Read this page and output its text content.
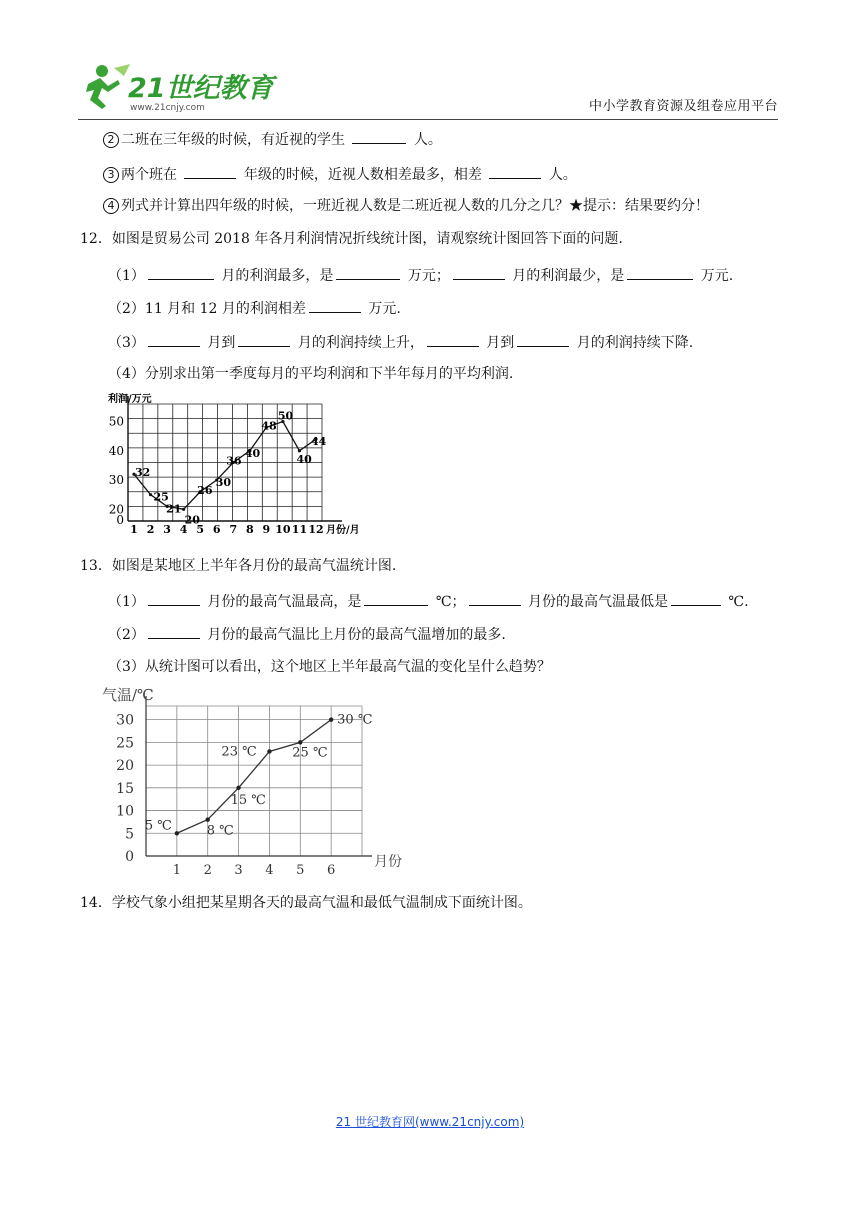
21世纪教育
www.21cnjy.com	中小学教育资源及组卷应用平台
2 二班在三年级的时候，有近视的学生	人。
3 两个班在	年级的时候，近视人数相差最多，相差	人。
4 列式并计算出四年级的时候，一班近视人数是二班近视人数的几分之几？★提示：结果要约分！
12．如图是贸易公司 2018 年各月利润情况折线统计图，请观察统计图回答下面的问题.
（1）	月的利润最多，是	万元；	月的利润最少，是	万元.
（2）11 月和 12 月的利润相差	万元.
（3）	月到	月的利润持续上升，	月到	月的利润持续下降.
（4）分别求出第一季度每月的平均利润和下半年每月的平均利润.
利润/万元
月份/月
0
20
30
40
50
1 2 3 4 5 6 7 8 9 10 11 12
32
25
21
20
26
30
36
40
48
50
40
44
13．如图是某地区上半年各月份的最高气温统计图.
（1）	月份的最高气温最高，是	℃；	月份的最高气温最低是	℃.
（2）	月份的最高气温比上月份的最高气温增加的最多.
（3）从统计图可以看出，这个地区上半年最高气温的变化呈什么趋势？
气温/℃
月份
0
5
10
15
20
25
30
1 2 3 4 5 6
5 ℃	8 ℃
15 ℃
23 ℃	25 ℃
30 ℃
14．学校气象小组把某星期各天的最高气温和最低气温制成下面统计图。
21 世纪教育网(www.21cnjy.com)
